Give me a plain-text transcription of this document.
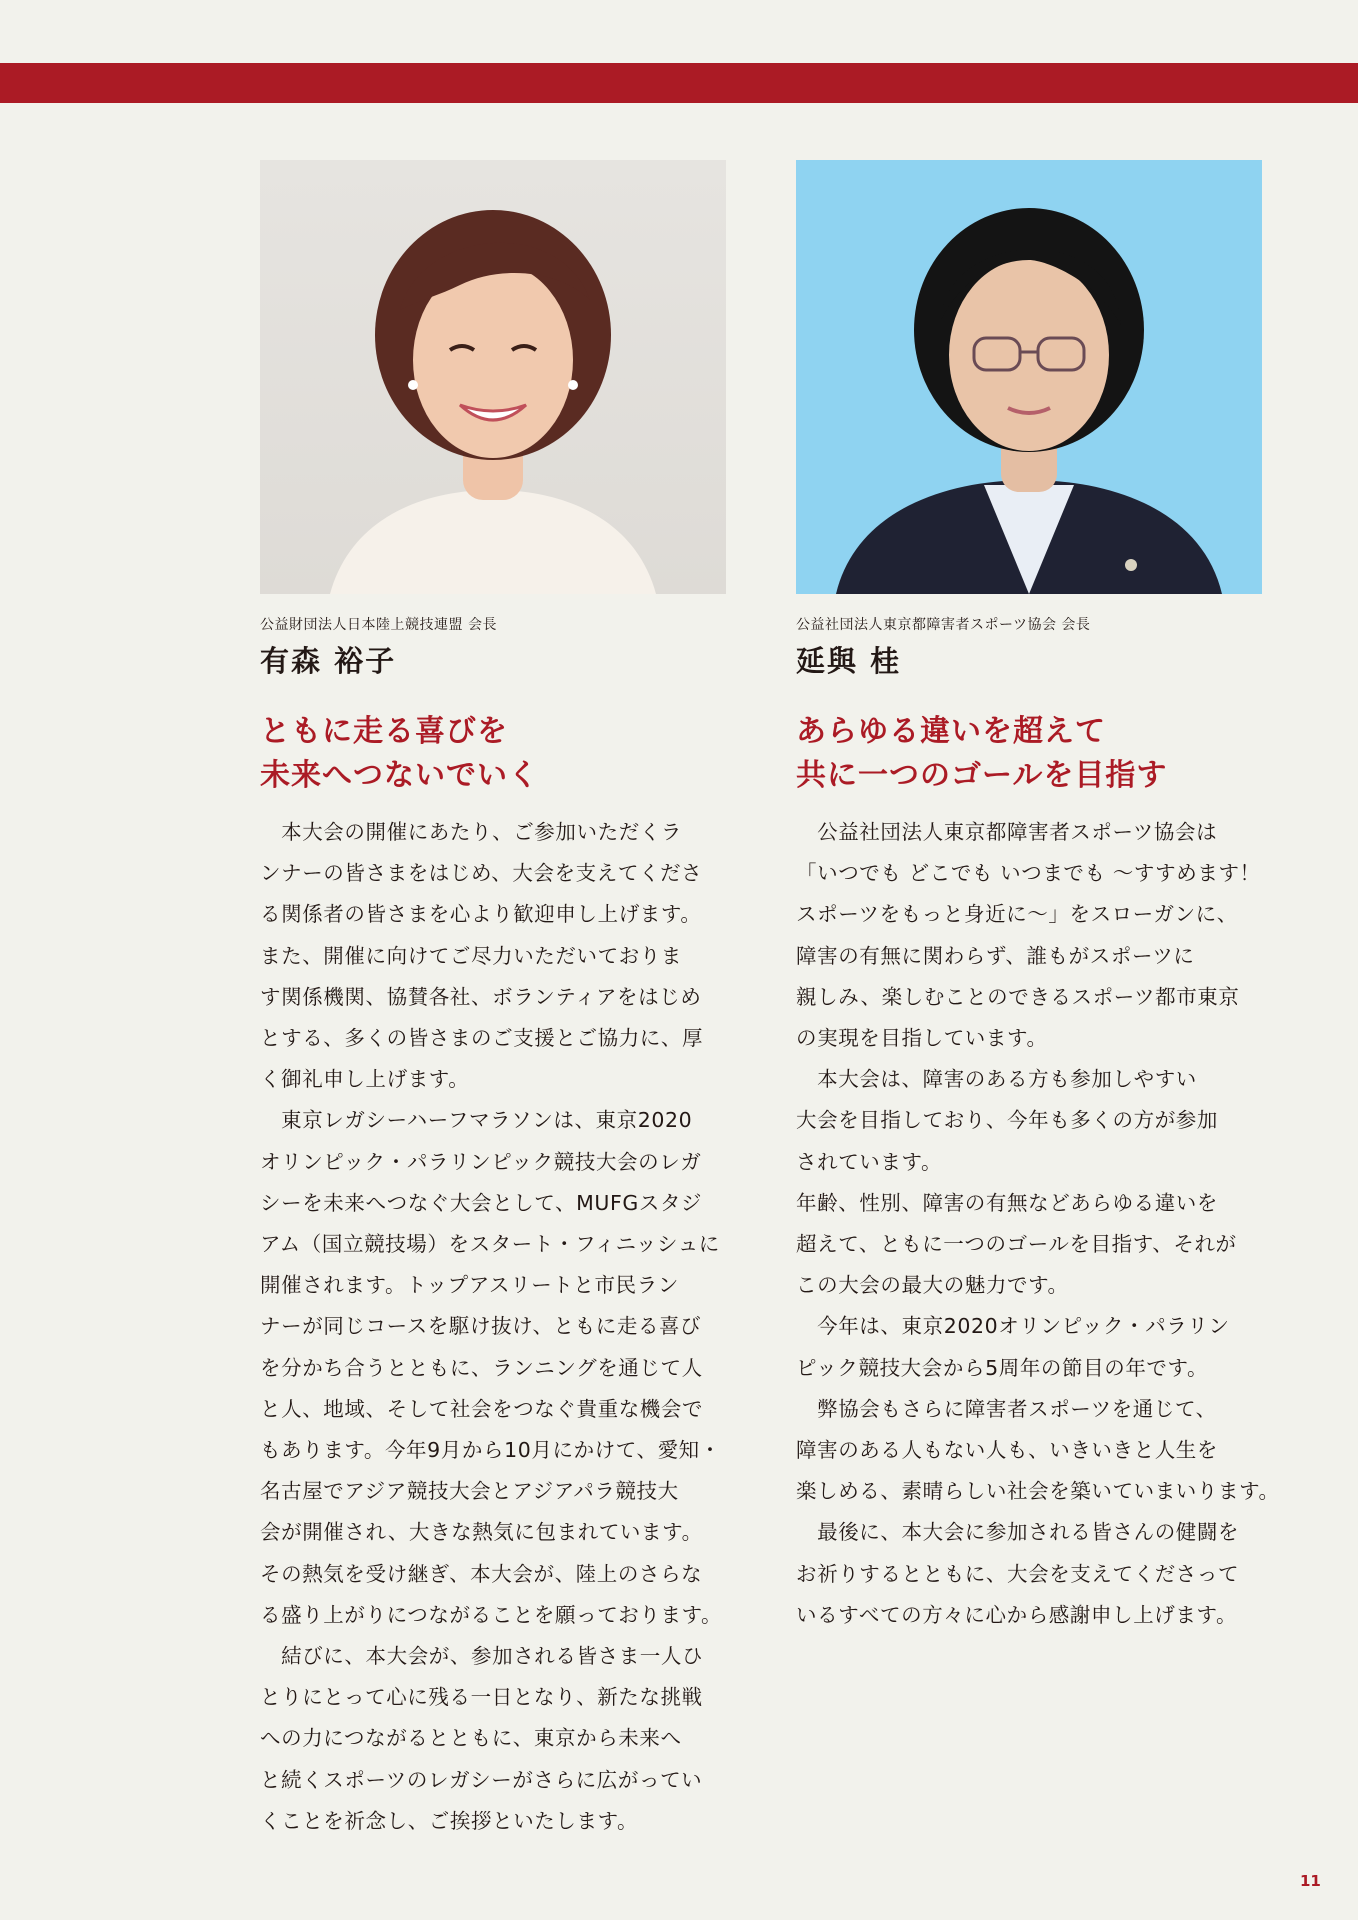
公益財団法人日本陸上競技連盟 会長
有森 裕子
ともに走る喜びを
未来へつないでいく

　本大会の開催にあたり、ご参加いただくラ

ンナーの皆さまをはじめ、大会を支えてくださ

る関係者の皆さまを心より歓迎申し上げます。

また、開催に向けてご尽力いただいておりま

す関係機関、協賛各社、ボランティアをはじめ

とする、多くの皆さまのご支援とご協力に、厚

く御礼申し上げます。

　東京レガシーハーフマラソンは、東京2020

オリンピック・パラリンピック競技大会のレガ

シーを未来へつなぐ大会として、MUFGスタジ

アム（国立競技場）をスタート・フィニッシュに

開催されます。トップアスリートと市民ラン

ナーが同じコースを駆け抜け、ともに走る喜び

を分かち合うとともに、ランニングを通じて人

と人、地域、そして社会をつなぐ貴重な機会で

もあります。今年9月から10月にかけて、愛知・

名古屋でアジア競技大会とアジアパラ競技大

会が開催され、大きな熱気に包まれています。

その熱気を受け継ぎ、本大会が、陸上のさらな

る盛り上がりにつながることを願っております。

　結びに、本大会が、参加される皆さま一人ひ

とりにとって心に残る一日となり、新たな挑戦

への力につながるとともに、東京から未来へ

と続くスポーツのレガシーがさらに広がってい

くことを祈念し、ご挨拶といたします。

公益社団法人東京都障害者スポーツ協会 会長
延與 桂
あらゆる違いを超えて
共に一つのゴールを目指す

　公益社団法人東京都障害者スポーツ協会は

「いつでも どこでも いつまでも 〜すすめます！

スポーツをもっと身近に〜」をスローガンに、

障害の有無に関わらず、誰もがスポーツに

親しみ、楽しむことのできるスポーツ都市東京

の実現を目指しています。

　本大会は、障害のある方も参加しやすい

大会を目指しており、今年も多くの方が参加

されています。

年齢、性別、障害の有無などあらゆる違いを

超えて、ともに一つのゴールを目指す、それが

この大会の最大の魅力です。

　今年は、東京2020オリンピック・パラリン

ピック競技大会から5周年の節目の年です。

　弊協会もさらに障害者スポーツを通じて、

障害のある人もない人も、いきいきと人生を

楽しめる、素晴らしい社会を築いていまいります。

　最後に、本大会に参加される皆さんの健闘を

お祈りするとともに、大会を支えてくださって

いるすべての方々に心から感謝申し上げます。

11
